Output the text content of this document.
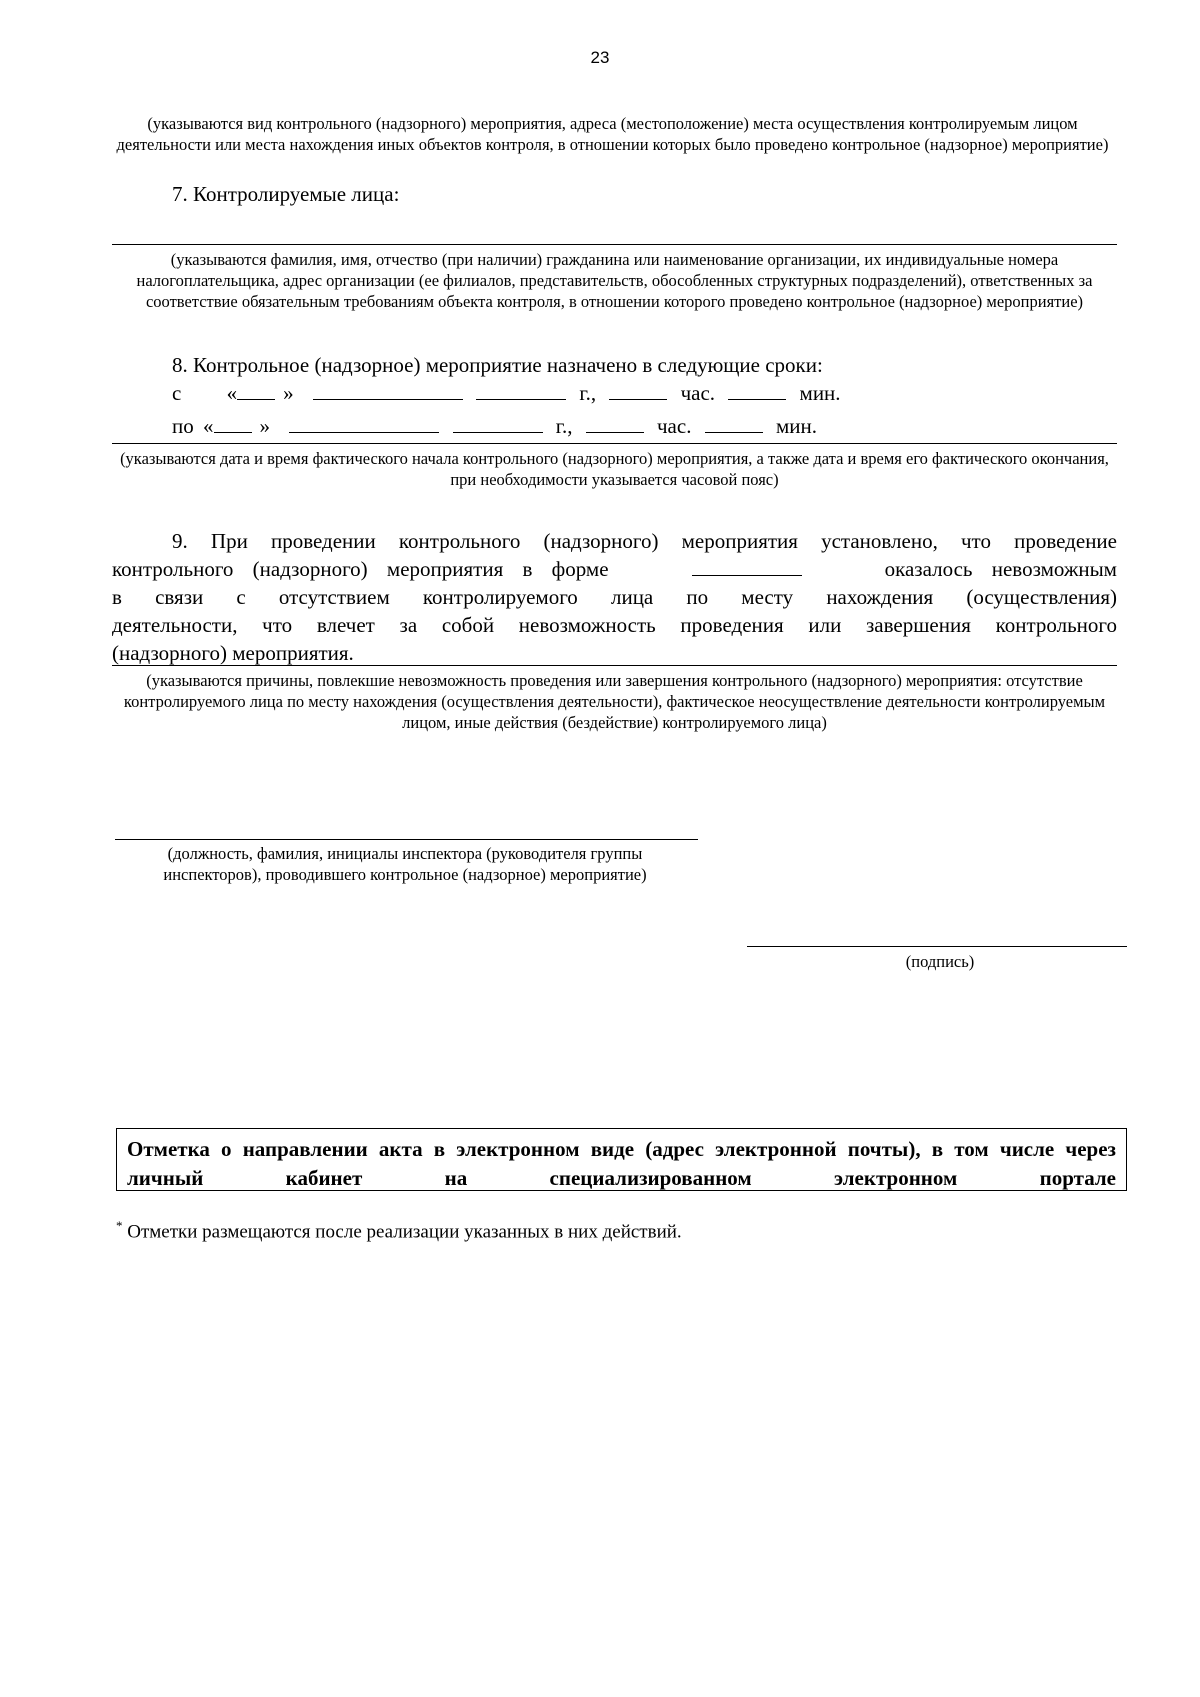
23
(указываются вид контрольного (надзорного) мероприятия, адреса (местоположение) места осуществления контролируемым лицом деятельности или места нахождения иных объектов контроля, в отношении которых было проведено контрольное (надзорное) мероприятие)
7. Контролируемые лица:
(указываются фамилия, имя, отчество (при наличии) гражданина или наименование организации, их индивидуальные номера налогоплательщика, адрес организации (ее филиалов, представительств, обособленных структурных подразделений), ответственных за соответствие обязательным требованиям объекта контроля, в отношении которого проведено контрольное (надзорное) мероприятие)
8. Контрольное (надзорное) мероприятие назначено в следующие сроки:
с « »	г.,	час.	мин.
по « »	г.,	час.	мин.
(указываются дата и время фактического начала контрольного (надзорного) мероприятия, а также дата и время его фактического окончания, при необходимости указывается часовой пояс)
9. При проведении контрольного (надзорного) мероприятия установлено, что проведение
контрольного (надзорного) мероприятия в форме	оказалось невозможным
в связи с отсутствием контролируемого лица по месту нахождения (осуществления)
деятельности, что влечет за собой невозможность проведения или завершения контрольного
(надзорного) мероприятия.
(указываются причины, повлекшие невозможность проведения или завершения контрольного (надзорного) мероприятия: отсутствие контролируемого лица по месту нахождения (осуществления деятельности), фактическое неосуществление деятельности контролируемым лицом, иные действия (бездействие) контролируемого лица)
(должность, фамилия, инициалы инспектора (руководителя группы инспекторов), проводившего контрольное (надзорное) мероприятие)
(подпись)
Отметка о направлении акта в электронном виде (адрес электронной почты), в том числе через личный кабинет на специализированном электронном портале
* Отметки размещаются после реализации указанных в них действий.
